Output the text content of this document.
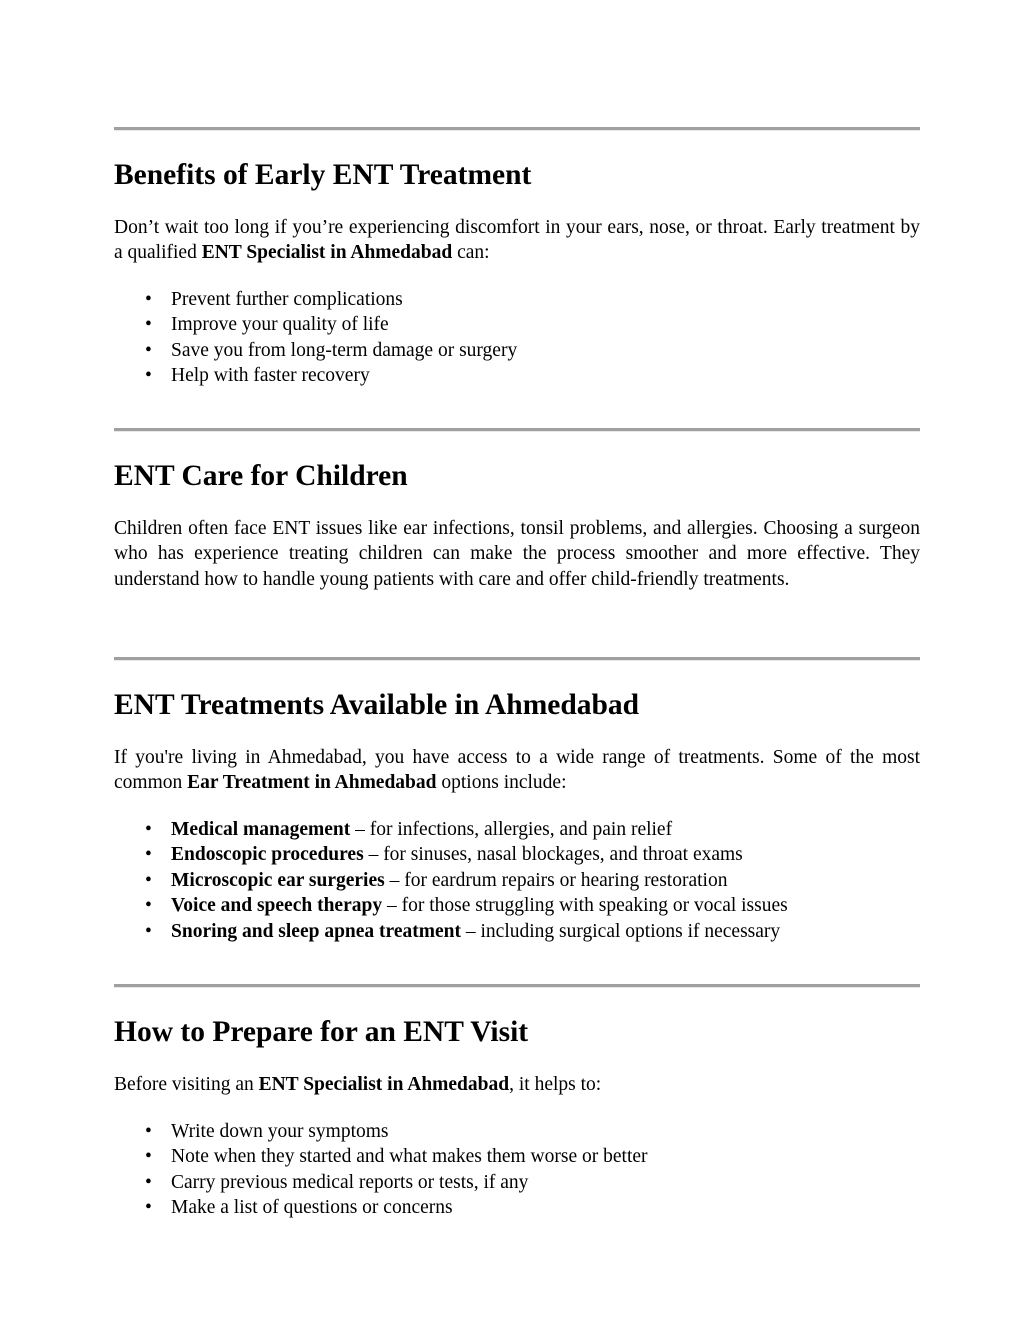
Benefits of Early ENT Treatment

Don’t wait too long if you’re experiencing discomfort in your ears, nose, or throat. Early treatment by a qualified ENT Specialist in Ahmedabad can:

• Prevent further complications
• Improve your quality of life
• Save you from long-term damage or surgery
• Help with faster recovery
ENT Care for Children

Children often face ENT issues like ear infections, tonsil problems, and allergies. Choosing a surgeon who has experience treating children can make the process smoother and more effective. They understand how to handle young patients with care and offer child-friendly treatments.

ENT Treatments Available in Ahmedabad

If you're living in Ahmedabad, you have access to a wide range of treatments. Some of the most common Ear Treatment in Ahmedabad options include:

• Medical management – for infections, allergies, and pain relief
• Endoscopic procedures – for sinuses, nasal blockages, and throat exams
• Microscopic ear surgeries – for eardrum repairs or hearing restoration
• Voice and speech therapy – for those struggling with speaking or vocal issues
• Snoring and sleep apnea treatment – including surgical options if necessary
How to Prepare for an ENT Visit

Before visiting an ENT Specialist in Ahmedabad, it helps to:

• Write down your symptoms
• Note when they started and what makes them worse or better
• Carry previous medical reports or tests, if any
• Make a list of questions or concerns
